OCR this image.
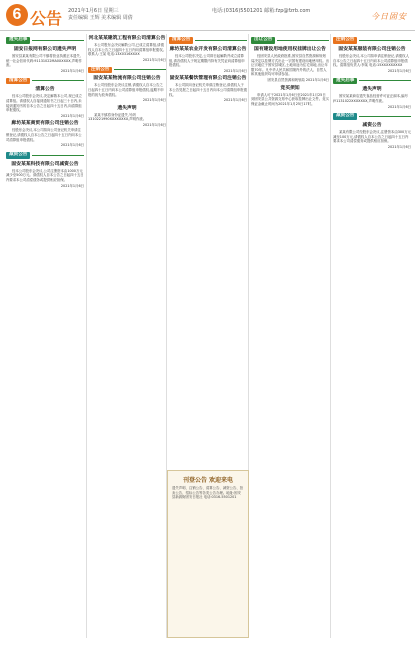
6 公告 2021年1月6日 星期三
责任编辑 王辉 美术编辑 周倩
电话:(0316)5501201 邮箱:fzp@fzrb.com
今日固安
遗失启事
固安日报网有限公司遗失声明

固安县某某有限公司不慎将营业执照正本遗失,统一社会信用代码:91131022MA0XXXXX,声明作废。

2021年1月6日
清算公告
清算公告

经本公司股东会决议,决定解散本公司,现已成立清算组。请债权人自接到通知书之日起三十日内,未接到通知书的自本公告之日起四十五日内,向清算组申报债权。

2021年1月6日
廊坊某某商贸有限公司注销公告

经股东会决议,本公司拟向公司登记机关申请注销登记,请债权人自本公告之日起四十五日内向本公司清算组申报债权。

2021年1月6日
减资公告
固安某某科技有限公司减资公告

经本公司股东会决议,公司注册资本由1000万元减少至500万元。请债权人自本公告之日起四十五日内要求本公司清偿债务或提供相应担保。

2021年1月6日
河北某某建筑工程有限公司清算公告

本公司股东会决议解散公司,已成立清算组,请债权人自本公告之日起四十五日内向清算组申报债权。联系人:王某 电话:13X0316XXXX

2021年1月6日
注销公告
固安某某物流有限公司注销公告

本公司经股东会决议注销,请债权人自本公告之日起四十五日内向本公司清算组申报债权,逾期不申报的视为放弃债权。

2021年1月6日
遗失声明

某某不慎将身份证遗失,号码1310221990XXXXXXXX,声明作废。

2021年1月6日
清算公告
廊坊某某农业开发有限公司清算公告

经本公司股东决定,公司即日起解散并成立清算组,请各债权人于规定期限内持有关凭证向清算组申报债权。

2021年1月6日
固安某某餐饮管理有限公司注销公告

本公司拟向登记机关申请注销登记,请债权人于本公告见报之日起四十五日内向本公司清算组申报债权。

2021年1月6日
刊登公告 欢迎来电
遗失声明、注销公告、清算公告、减资公告、拍卖公告、招标公告等各类公告办理。地址:固安县新源街固安日报社 电话:0316-5501201
出让公告
国有建设用地使用权挂牌出让公告

经固安县人民政府批准,固安县自然资源和规划局决定以挂牌方式出让一宗国有建设用地使用权。出让宗地位于固安县城区,土地用途为住宅用地,出让年限70年。凡中华人民共和国境内外的法人、自然人和其他组织均可申请参加。

固安县自然资源和规划局 2021年1月6日
竞买须知

申请人可于2021年1月6日至2021年1月25日到固安县公共资源交易中心获取挂牌出让文件。竞买保证金截止时间为2021年1月25日17时。

注销公告
固安某某服装有限公司注销公告

经股东会决议,本公司拟申请注销登记,请债权人自本公告之日起四十五日内向本公司清算组申报债权。清算组负责人:李某 电话:15XXXXXXXXX

2021年1月6日
遗失启事
遗失声明

固安某某商店遗失食品经营许可证正副本,编号JY1131022XXXXXXX,声明作废。

2021年1月6日
减资公告
减资公告

某某有限公司经股东会决议,注册资本由300万元减至100万元,请债权人自本公告之日起四十五日内要求本公司清偿债务或提供相应担保。

2021年1月6日
